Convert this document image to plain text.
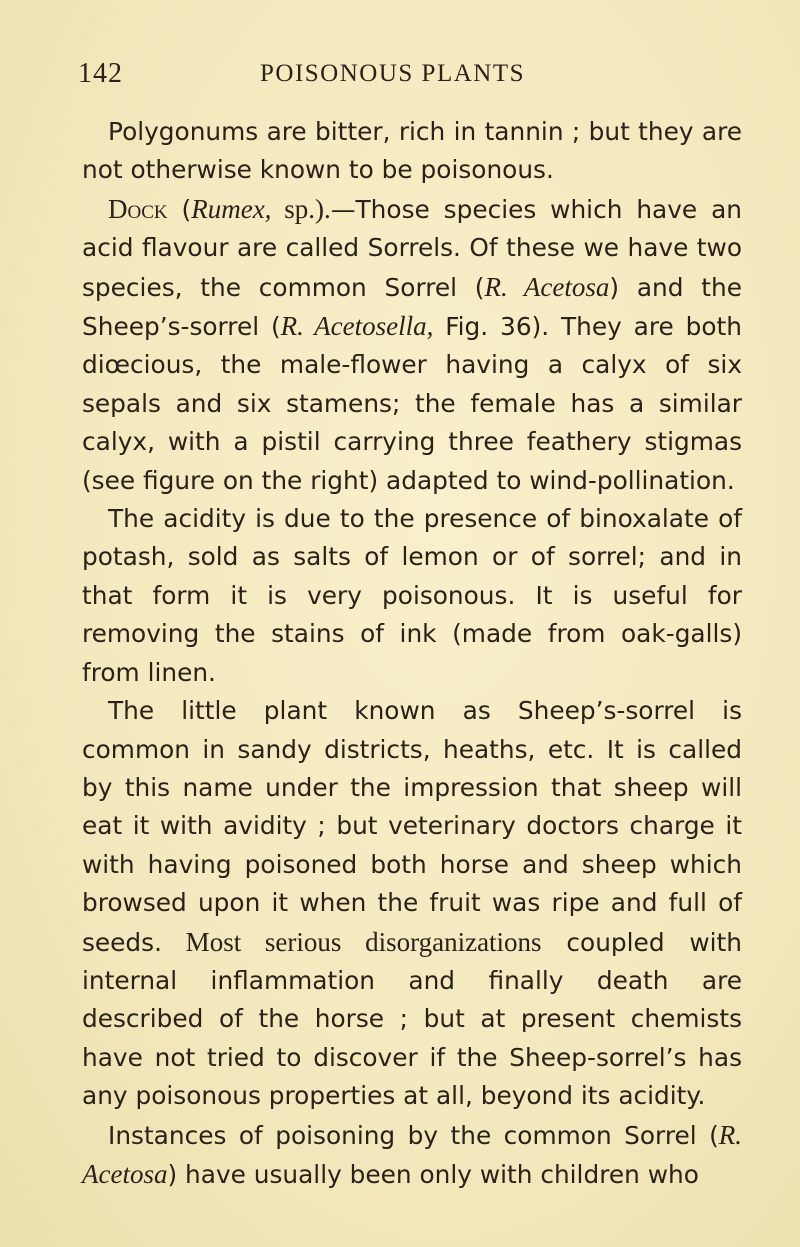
142	POISONOUS PLANTS

Polygonums are bitter, rich in tannin ; but they are not otherwise known to be poisonous.

Dock (Rumex, sp.).—Those species which have an acid flavour are called Sorrels. Of these we have two species, the common Sorrel (R. Acetosa) and the Sheep’s-sorrel (R. Acetosella, Fig. 36). They are both diœcious, the male-flower having a calyx of six sepals and six stamens; the female has a similar calyx, with a pistil carrying three feathery stigmas (see figure on the right) adapted to wind-pollination.

The acidity is due to the presence of binoxalate of potash, sold as salts of lemon or of sorrel; and in that form it is very poisonous. It is useful for removing the stains of ink (made from oak-galls) from linen.

The little plant known as Sheep’s-sorrel is common in sandy districts, heaths, etc. It is called by this name under the impression that sheep will eat it with avidity ; but veterinary doctors charge it with having poisoned both horse and sheep which browsed upon it when the fruit was ripe and full of seeds. Most serious disorganizations coupled with internal inflammation and finally death are described of the horse ; but at present chemists have not tried to discover if the Sheep-sorrel’s has any poisonous properties at all, beyond its acidity.

Instances of poisoning by the common Sorrel (R. Acetosa) have usually been only with children who
